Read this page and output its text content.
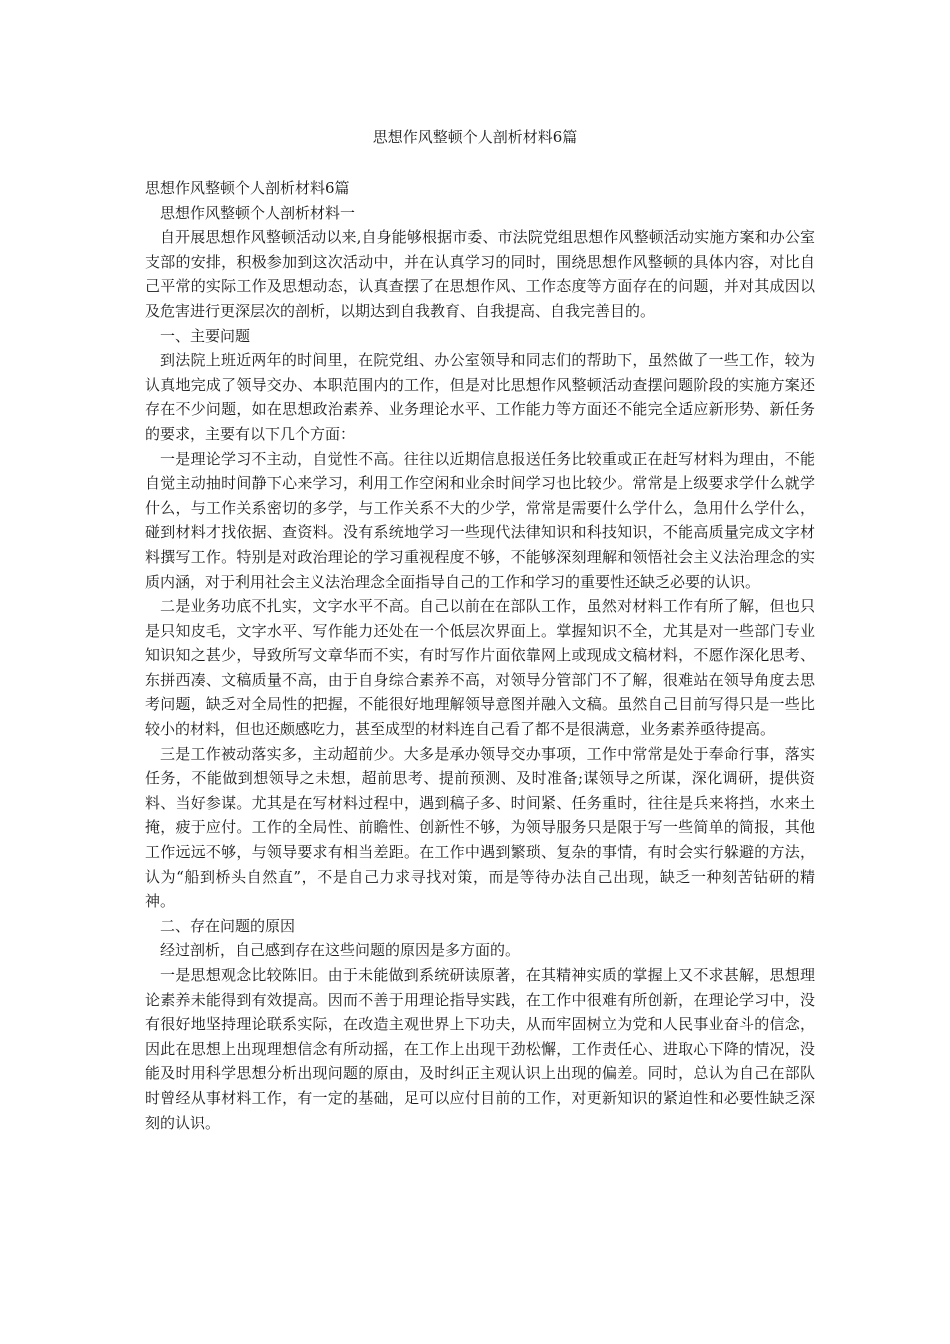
思想作风整顿个人剖析材料6篇

思想作风整顿个人剖析材料6篇

思想作风整顿个人剖析材料一

自开展思想作风整顿活动以来,自身能够根据市委、市法院党组思想作风整顿活动实施方案和办公室支部的安排，积极参加到这次活动中，并在认真学习的同时，围绕思想作风整顿的具体内容，对比自己平常的实际工作及思想动态，认真查摆了在思想作风、工作态度等方面存在的问题，并对其成因以及危害进行更深层次的剖析，以期达到自我教育、自我提高、自我完善目的。

一、主要问题

到法院上班近两年的时间里，在院党组、办公室领导和同志们的帮助下，虽然做了一些工作，较为认真地完成了领导交办、本职范围内的工作，但是对比思想作风整顿活动查摆问题阶段的实施方案还存在不少问题，如在思想政治素养、业务理论水平、工作能力等方面还不能完全适应新形势、新任务的要求，主要有以下几个方面：

一是理论学习不主动，自觉性不高。往往以近期信息报送任务比较重或正在赶写材料为理由，不能自觉主动抽时间静下心来学习，利用工作空闲和业余时间学习也比较少。常常是上级要求学什么就学什么，与工作关系密切的多学，与工作关系不大的少学，常常是需要什么学什么，急用什么学什么，碰到材料才找依据、查资料。没有系统地学习一些现代法律知识和科技知识，不能高质量完成文字材料撰写工作。特别是对政治理论的学习重视程度不够，不能够深刻理解和领悟社会主义法治理念的实质内涵，对于利用社会主义法治理念全面指导自己的工作和学习的重要性还缺乏必要的认识。

二是业务功底不扎实，文字水平不高。自己以前在在部队工作，虽然对材料工作有所了解，但也只是只知皮毛，文字水平、写作能力还处在一个低层次界面上。掌握知识不全，尤其是对一些部门专业知识知之甚少，导致所写文章华而不实，有时写作片面依靠网上或现成文稿材料，不愿作深化思考、东拼西凑、文稿质量不高，由于自身综合素养不高，对领导分管部门不了解，很难站在领导角度去思考问题，缺乏对全局性的把握，不能很好地理解领导意图并融入文稿。虽然自己目前写得只是一些比较小的材料，但也还颇感吃力，甚至成型的材料连自己看了都不是很满意，业务素养亟待提高。

三是工作被动落实多，主动超前少。大多是承办领导交办事项，工作中常常是处于奉命行事，落实任务，不能做到想领导之未想，超前思考、提前预测、及时准备;谋领导之所谋，深化调研，提供资料、当好参谋。尤其是在写材料过程中，遇到稿子多、时间紧、任务重时，往往是兵来将挡，水来土掩，疲于应付。工作的全局性、前瞻性、创新性不够，为领导服务只是限于写一些简单的简报，其他工作远远不够，与领导要求有相当差距。在工作中遇到繁琐、复杂的事情，有时会实行躲避的方法，认为“船到桥头自然直”，不是自己力求寻找对策，而是等待办法自己出现，缺乏一种刻苦钻研的精神。

二、存在问题的原因

经过剖析，自己感到存在这些问题的原因是多方面的。

一是思想观念比较陈旧。由于未能做到系统研读原著，在其精神实质的掌握上又不求甚解，思想理论素养未能得到有效提高。因而不善于用理论指导实践，在工作中很难有所创新，在理论学习中，没有很好地坚持理论联系实际，在改造主观世界上下功夫，从而牢固树立为党和人民事业奋斗的信念，因此在思想上出现理想信念有所动摇，在工作上出现干劲松懈，工作责任心、进取心下降的情况，没能及时用科学思想分析出现问题的原由，及时纠正主观认识上出现的偏差。同时，总认为自己在部队时曾经从事材料工作，有一定的基础，足可以应付目前的工作，对更新知识的紧迫性和必要性缺乏深刻的认识。
